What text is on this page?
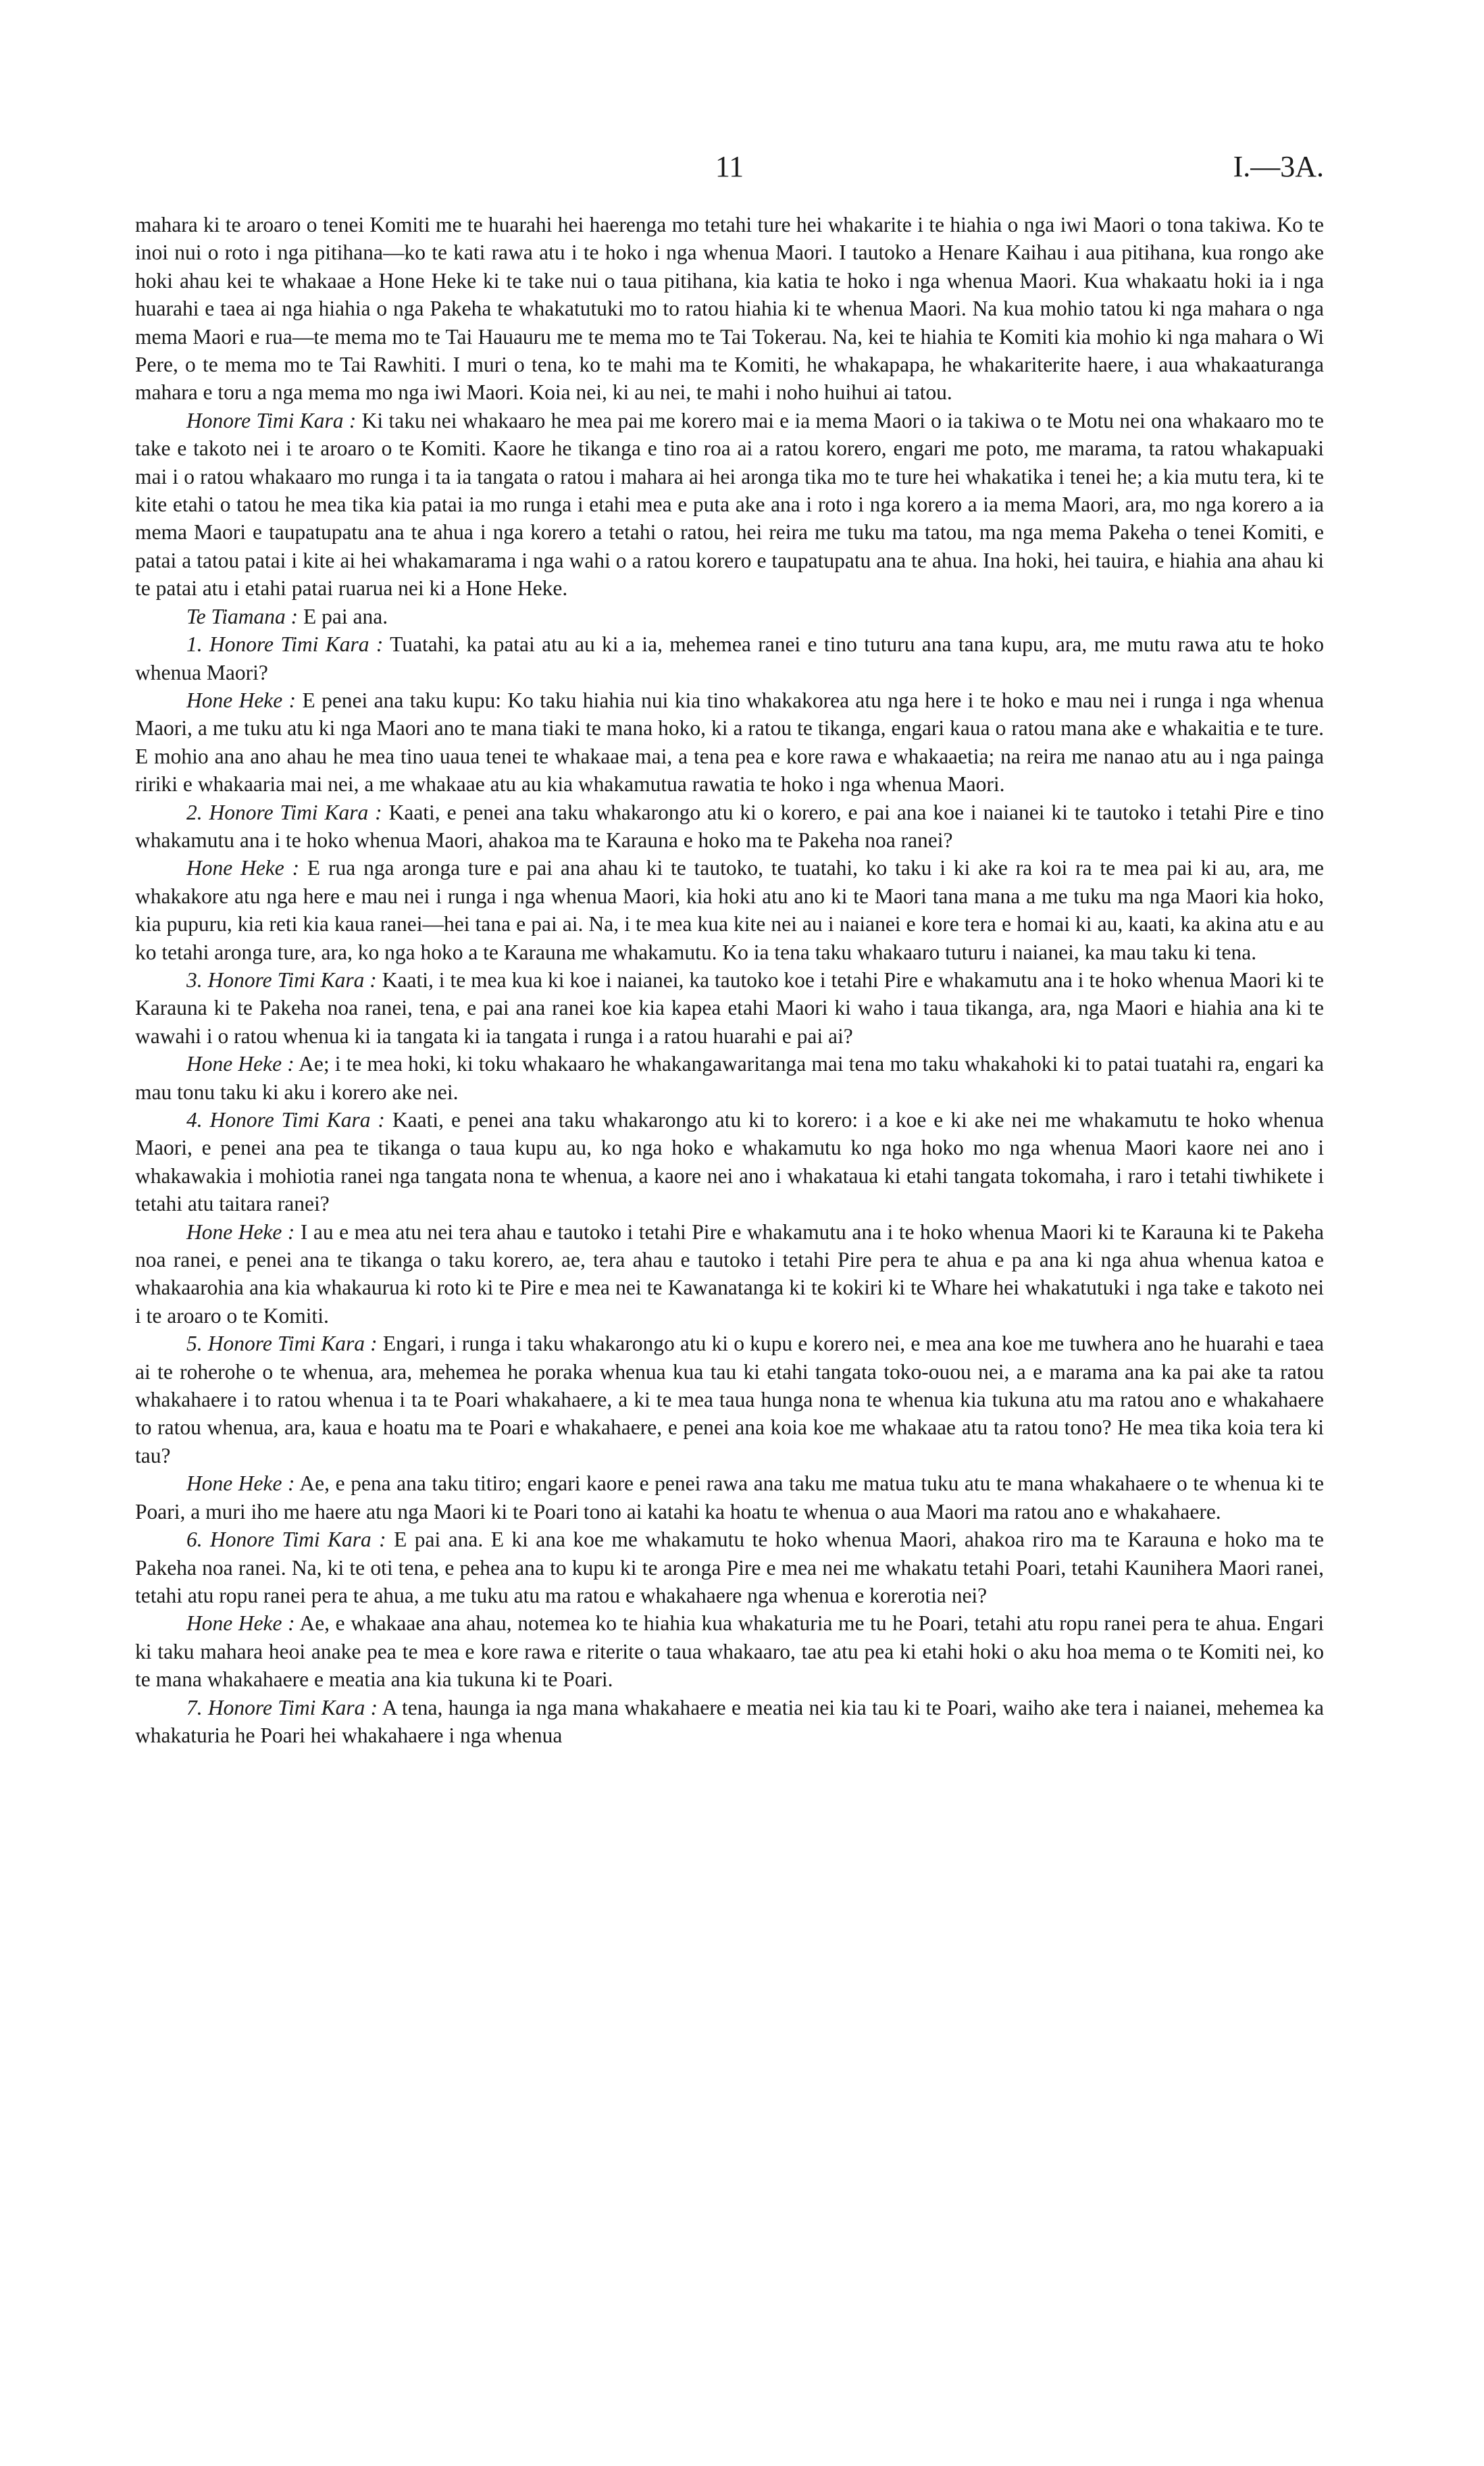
11	I.—3A.

mahara ki te aroaro o tenei Komiti me te huarahi hei haerenga mo tetahi ture hei whakarite i te hiahia o nga iwi Maori o tona takiwa. Ko te inoi nui o roto i nga pitihana—ko te kati rawa atu i te hoko i nga whenua Maori. I tautoko a Henare Kaihau i aua pitihana, kua rongo ake hoki ahau kei te whakaae a Hone Heke ki te take nui o taua pitihana, kia katia te hoko i nga whenua Maori. Kua whakaatu hoki ia i nga huarahi e taea ai nga hiahia o nga Pakeha te whakatutuki mo to ratou hiahia ki te whenua Maori. Na kua mohio tatou ki nga mahara o nga mema Maori e rua—te mema mo te Tai Hauauru me te mema mo te Tai Tokerau. Na, kei te hiahia te Komiti kia mohio ki nga mahara o Wi Pere, o te mema mo te Tai Rawhiti. I muri o tena, ko te mahi ma te Komiti, he whakapapa, he whakariterite haere, i aua whakaaturanga mahara e toru a nga mema mo nga iwi Maori. Koia nei, ki au nei, te mahi i noho huihui ai tatou.

Honore Timi Kara : Ki taku nei whakaaro he mea pai me korero mai e ia mema Maori o ia takiwa o te Motu nei ona whakaaro mo te take e takoto nei i te aroaro o te Komiti. Kaore he tikanga e tino roa ai a ratou korero, engari me poto, me marama, ta ratou whakapuaki mai i o ratou whakaaro mo runga i ta ia tangata o ratou i mahara ai hei aronga tika mo te ture hei whakatika i tenei he; a kia mutu tera, ki te kite etahi o tatou he mea tika kia patai ia mo runga i etahi mea e puta ake ana i roto i nga korero a ia mema Maori, ara, mo nga korero a ia mema Maori e taupatupatu ana te ahua i nga korero a tetahi o ratou, hei reira me tuku ma tatou, ma nga mema Pakeha o tenei Komiti, e patai a tatou patai i kite ai hei whakamarama i nga wahi o a ratou korero e taupatupatu ana te ahua. Ina hoki, hei tauira, e hiahia ana ahau ki te patai atu i etahi patai ruarua nei ki a Hone Heke.

Te Tiamana : E pai ana.

1. Honore Timi Kara : Tuatahi, ka patai atu au ki a ia, mehemea ranei e tino tuturu ana tana kupu, ara, me mutu rawa atu te hoko whenua Maori?

Hone Heke : E penei ana taku kupu: Ko taku hiahia nui kia tino whakakorea atu nga here i te hoko e mau nei i runga i nga whenua Maori, a me tuku atu ki nga Maori ano te mana tiaki te mana hoko, ki a ratou te tikanga, engari kaua o ratou mana ake e whakaitia e te ture. E mohio ana ano ahau he mea tino uaua tenei te whakaae mai, a tena pea e kore rawa e whakaaetia; na reira me nanao atu au i nga painga ririki e whakaaria mai nei, a me whakaae atu au kia whakamutua rawatia te hoko i nga whenua Maori.

2. Honore Timi Kara : Kaati, e penei ana taku whakarongo atu ki o korero, e pai ana koe i naianei ki te tautoko i tetahi Pire e tino whakamutu ana i te hoko whenua Maori, ahakoa ma te Karauna e hoko ma te Pakeha noa ranei?

Hone Heke : E rua nga aronga ture e pai ana ahau ki te tautoko, te tuatahi, ko taku i ki ake ra koi ra te mea pai ki au, ara, me whakakore atu nga here e mau nei i runga i nga whenua Maori, kia hoki atu ano ki te Maori tana mana a me tuku ma nga Maori kia hoko, kia pupuru, kia reti kia kaua ranei—hei tana e pai ai. Na, i te mea kua kite nei au i naianei e kore tera e homai ki au, kaati, ka akina atu e au ko tetahi aronga ture, ara, ko nga hoko a te Karauna me whakamutu. Ko ia tena taku whakaaro tuturu i naianei, ka mau taku ki tena.

3. Honore Timi Kara : Kaati, i te mea kua ki koe i naianei, ka tautoko koe i tetahi Pire e whakamutu ana i te hoko whenua Maori ki te Karauna ki te Pakeha noa ranei, tena, e pai ana ranei koe kia kapea etahi Maori ki waho i taua tikanga, ara, nga Maori e hiahia ana ki te wawahi i o ratou whenua ki ia tangata ki ia tangata i runga i a ratou huarahi e pai ai?

Hone Heke : Ae; i te mea hoki, ki toku whakaaro he whakangawaritanga mai tena mo taku whakahoki ki to patai tuatahi ra, engari ka mau tonu taku ki aku i korero ake nei.

4. Honore Timi Kara : Kaati, e penei ana taku whakarongo atu ki to korero: i a koe e ki ake nei me whakamutu te hoko whenua Maori, e penei ana pea te tikanga o taua kupu au, ko nga hoko e whakamutu ko nga hoko mo nga whenua Maori kaore nei ano i whakawakia i mohiotia ranei nga tangata nona te whenua, a kaore nei ano i whakataua ki etahi tangata tokomaha, i raro i tetahi tiwhikete i tetahi atu taitara ranei?

Hone Heke : I au e mea atu nei tera ahau e tautoko i tetahi Pire e whakamutu ana i te hoko whenua Maori ki te Karauna ki te Pakeha noa ranei, e penei ana te tikanga o taku korero, ae, tera ahau e tautoko i tetahi Pire pera te ahua e pa ana ki nga ahua whenua katoa e whakaarohia ana kia whakaurua ki roto ki te Pire e mea nei te Kawanatanga ki te kokiri ki te Whare hei whakatutuki i nga take e takoto nei i te aroaro o te Komiti.

5. Honore Timi Kara : Engari, i runga i taku whakarongo atu ki o kupu e korero nei, e mea ana koe me tuwhera ano he huarahi e taea ai te roherohe o te whenua, ara, mehemea he poraka whenua kua tau ki etahi tangata toko-ouou nei, a e marama ana ka pai ake ta ratou whakahaere i to ratou whenua i ta te Poari whakahaere, a ki te mea taua hunga nona te whenua kia tukuna atu ma ratou ano e whakahaere to ratou whenua, ara, kaua e hoatu ma te Poari e whakahaere, e penei ana koia koe me whakaae atu ta ratou tono? He mea tika koia tera ki tau?

Hone Heke : Ae, e pena ana taku titiro; engari kaore e penei rawa ana taku me matua tuku atu te mana whakahaere o te whenua ki te Poari, a muri iho me haere atu nga Maori ki te Poari tono ai katahi ka hoatu te whenua o aua Maori ma ratou ano e whakahaere.

6. Honore Timi Kara : E pai ana. E ki ana koe me whakamutu te hoko whenua Maori, ahakoa riro ma te Karauna e hoko ma te Pakeha noa ranei. Na, ki te oti tena, e pehea ana to kupu ki te aronga Pire e mea nei me whakatu tetahi Poari, tetahi Kaunihera Maori ranei, tetahi atu ropu ranei pera te ahua, a me tuku atu ma ratou e whakahaere nga whenua e korerotia nei?

Hone Heke : Ae, e whakaae ana ahau, notemea ko te hiahia kua whakaturia me tu he Poari, tetahi atu ropu ranei pera te ahua. Engari ki taku mahara heoi anake pea te mea e kore rawa e riterite o taua whakaaro, tae atu pea ki etahi hoki o aku hoa mema o te Komiti nei, ko te mana whakahaere e meatia ana kia tukuna ki te Poari.

7. Honore Timi Kara : A tena, haunga ia nga mana whakahaere e meatia nei kia tau ki te Poari, waiho ake tera i naianei, mehemea ka whakaturia he Poari hei whakahaere i nga whenua
